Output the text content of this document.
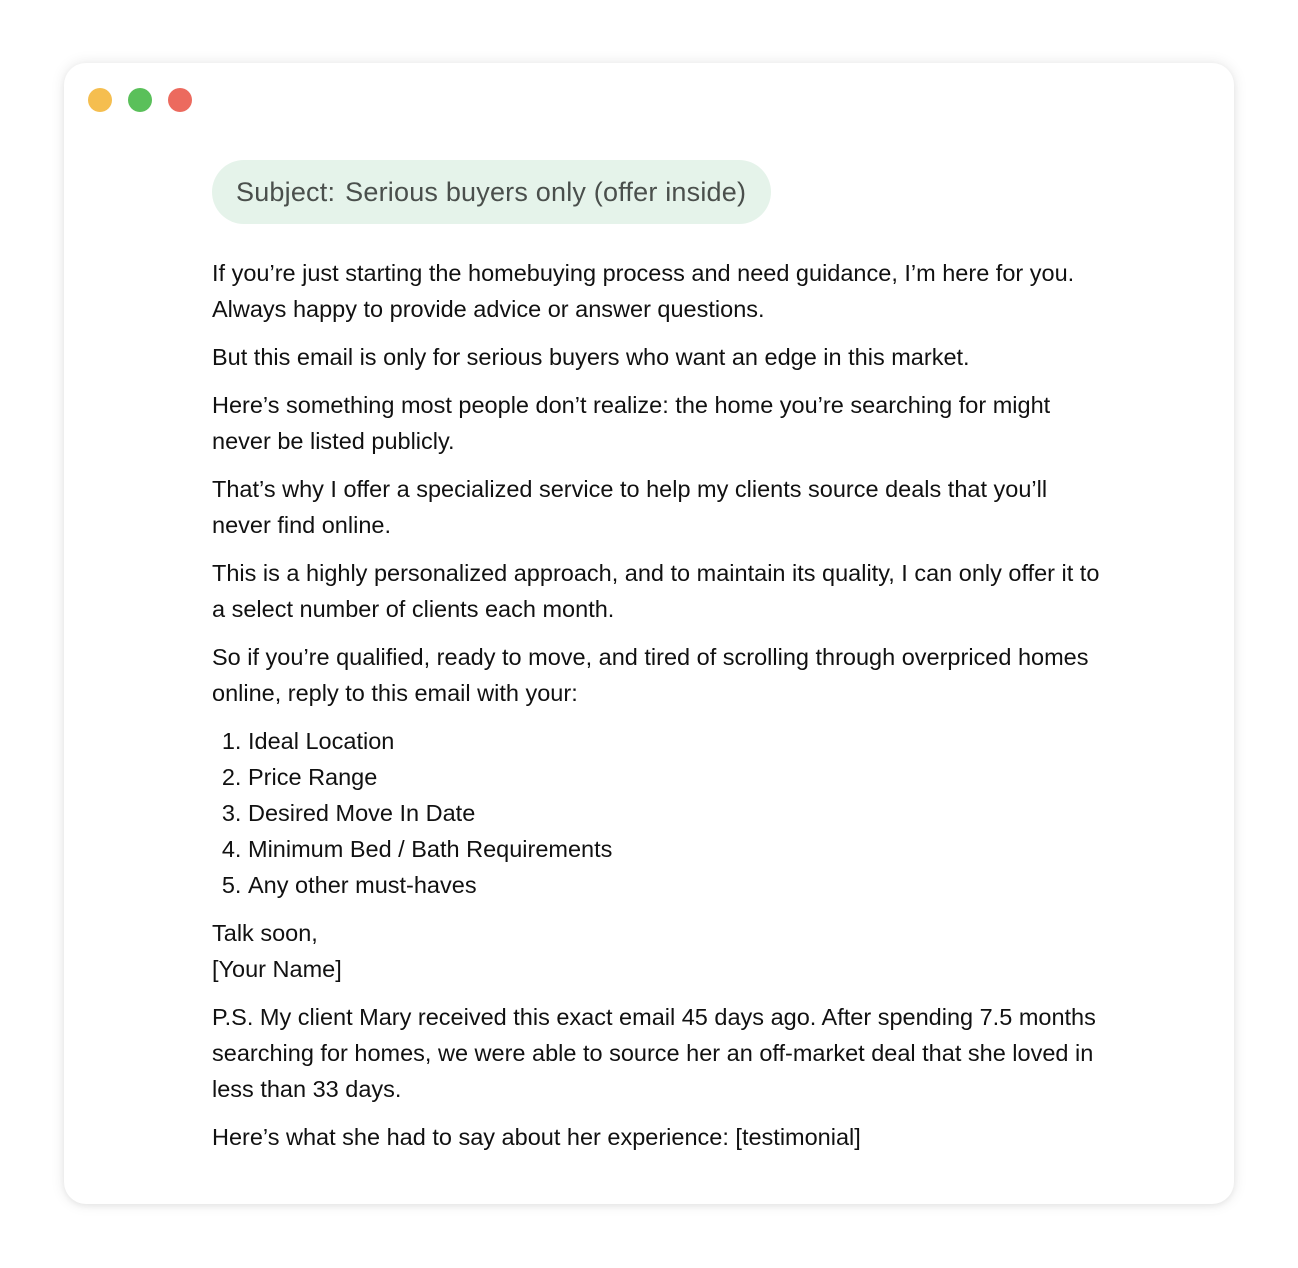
Subject: Serious buyers only (offer inside)

If you’re just starting the homebuying process and need guidance, I’m here for you. Always happy to provide advice or answer questions.

But this email is only for serious buyers who want an edge in this market.

Here’s something most people don’t realize: the home you’re searching for might never be listed publicly.

That’s why I offer a specialized service to help my clients source deals that you’ll never find online.

This is a highly personalized approach, and to maintain its quality, I can only offer it to a select number of clients each month.

So if you’re qualified, ready to move, and tired of scrolling through overpriced homes online, reply to this email with your:

1. Ideal Location
2. Price Range
3. Desired Move In Date
4. Minimum Bed / Bath Requirements
5. Any other must-haves

Talk soon,
[Your Name]

P.S. My client Mary received this exact email 45 days ago. After spending 7.5 months searching for homes, we were able to source her an off-market deal that she loved in less than 33 days.

Here’s what she had to say about her experience: [testimonial]
